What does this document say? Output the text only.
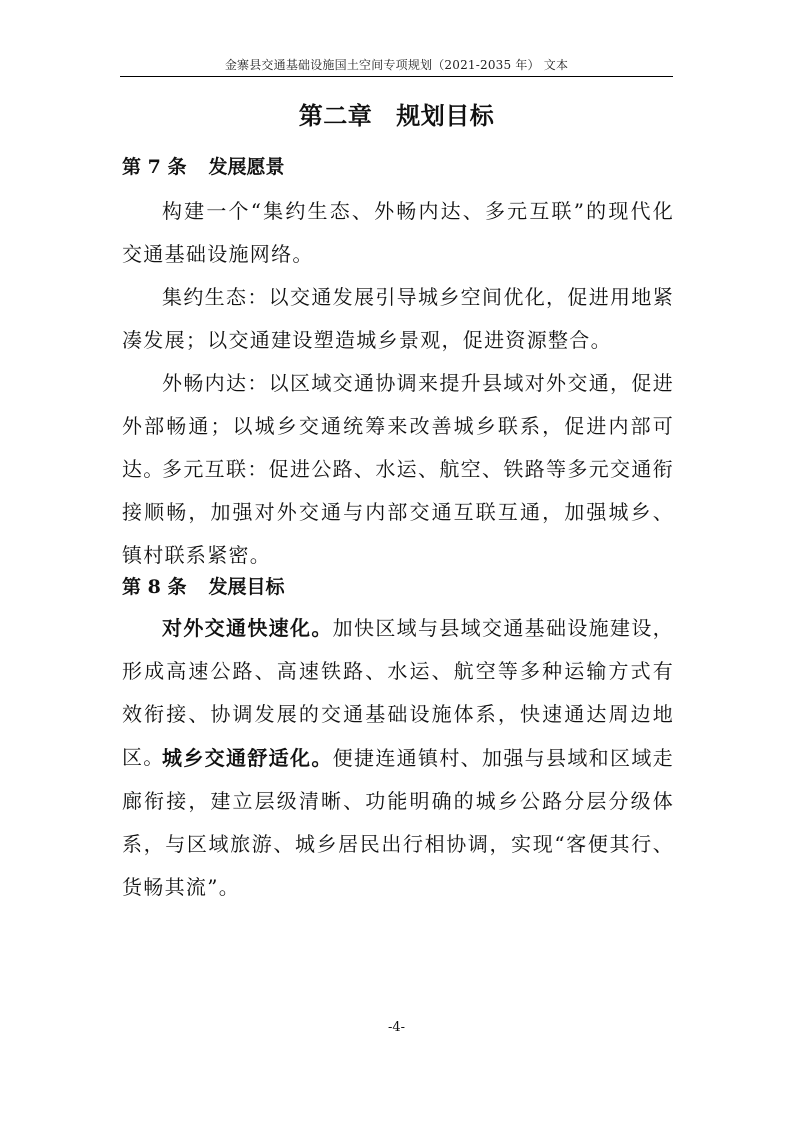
金寨县交通基础设施国土空间专项规划（2021-2035 年） 文本
第二章 规划目标
第 7 条 发展愿景
构建一个“集约生态、外畅内达、多元互联”的现代化交通基础设施网络。
集约生态：以交通发展引导城乡空间优化，促进用地紧凑发展；以交通建设塑造城乡景观，促进资源整合。
外畅内达：以区域交通协调来提升县域对外交通，促进外部畅通；以城乡交通统筹来改善城乡联系，促进内部可达。
多元互联：促进公路、水运、航空、铁路等多元交通衔接顺畅，加强对外交通与内部交通互联互通，加强城乡、镇村联系紧密。
第 8 条 发展目标
对外交通快速化。加快区域与县域交通基础设施建设，形成高速公路、高速铁路、水运、航空等多种运输方式有效衔接、协调发展的交通基础设施体系，快速通达周边地区。
城乡交通舒适化。便捷连通镇村、加强与县域和区域走廊衔接，建立层级清晰、功能明确的城乡公路分层分级体系，与区域旅游、城乡居民出行相协调，实现“客便其行、货畅其流”。
-4-
